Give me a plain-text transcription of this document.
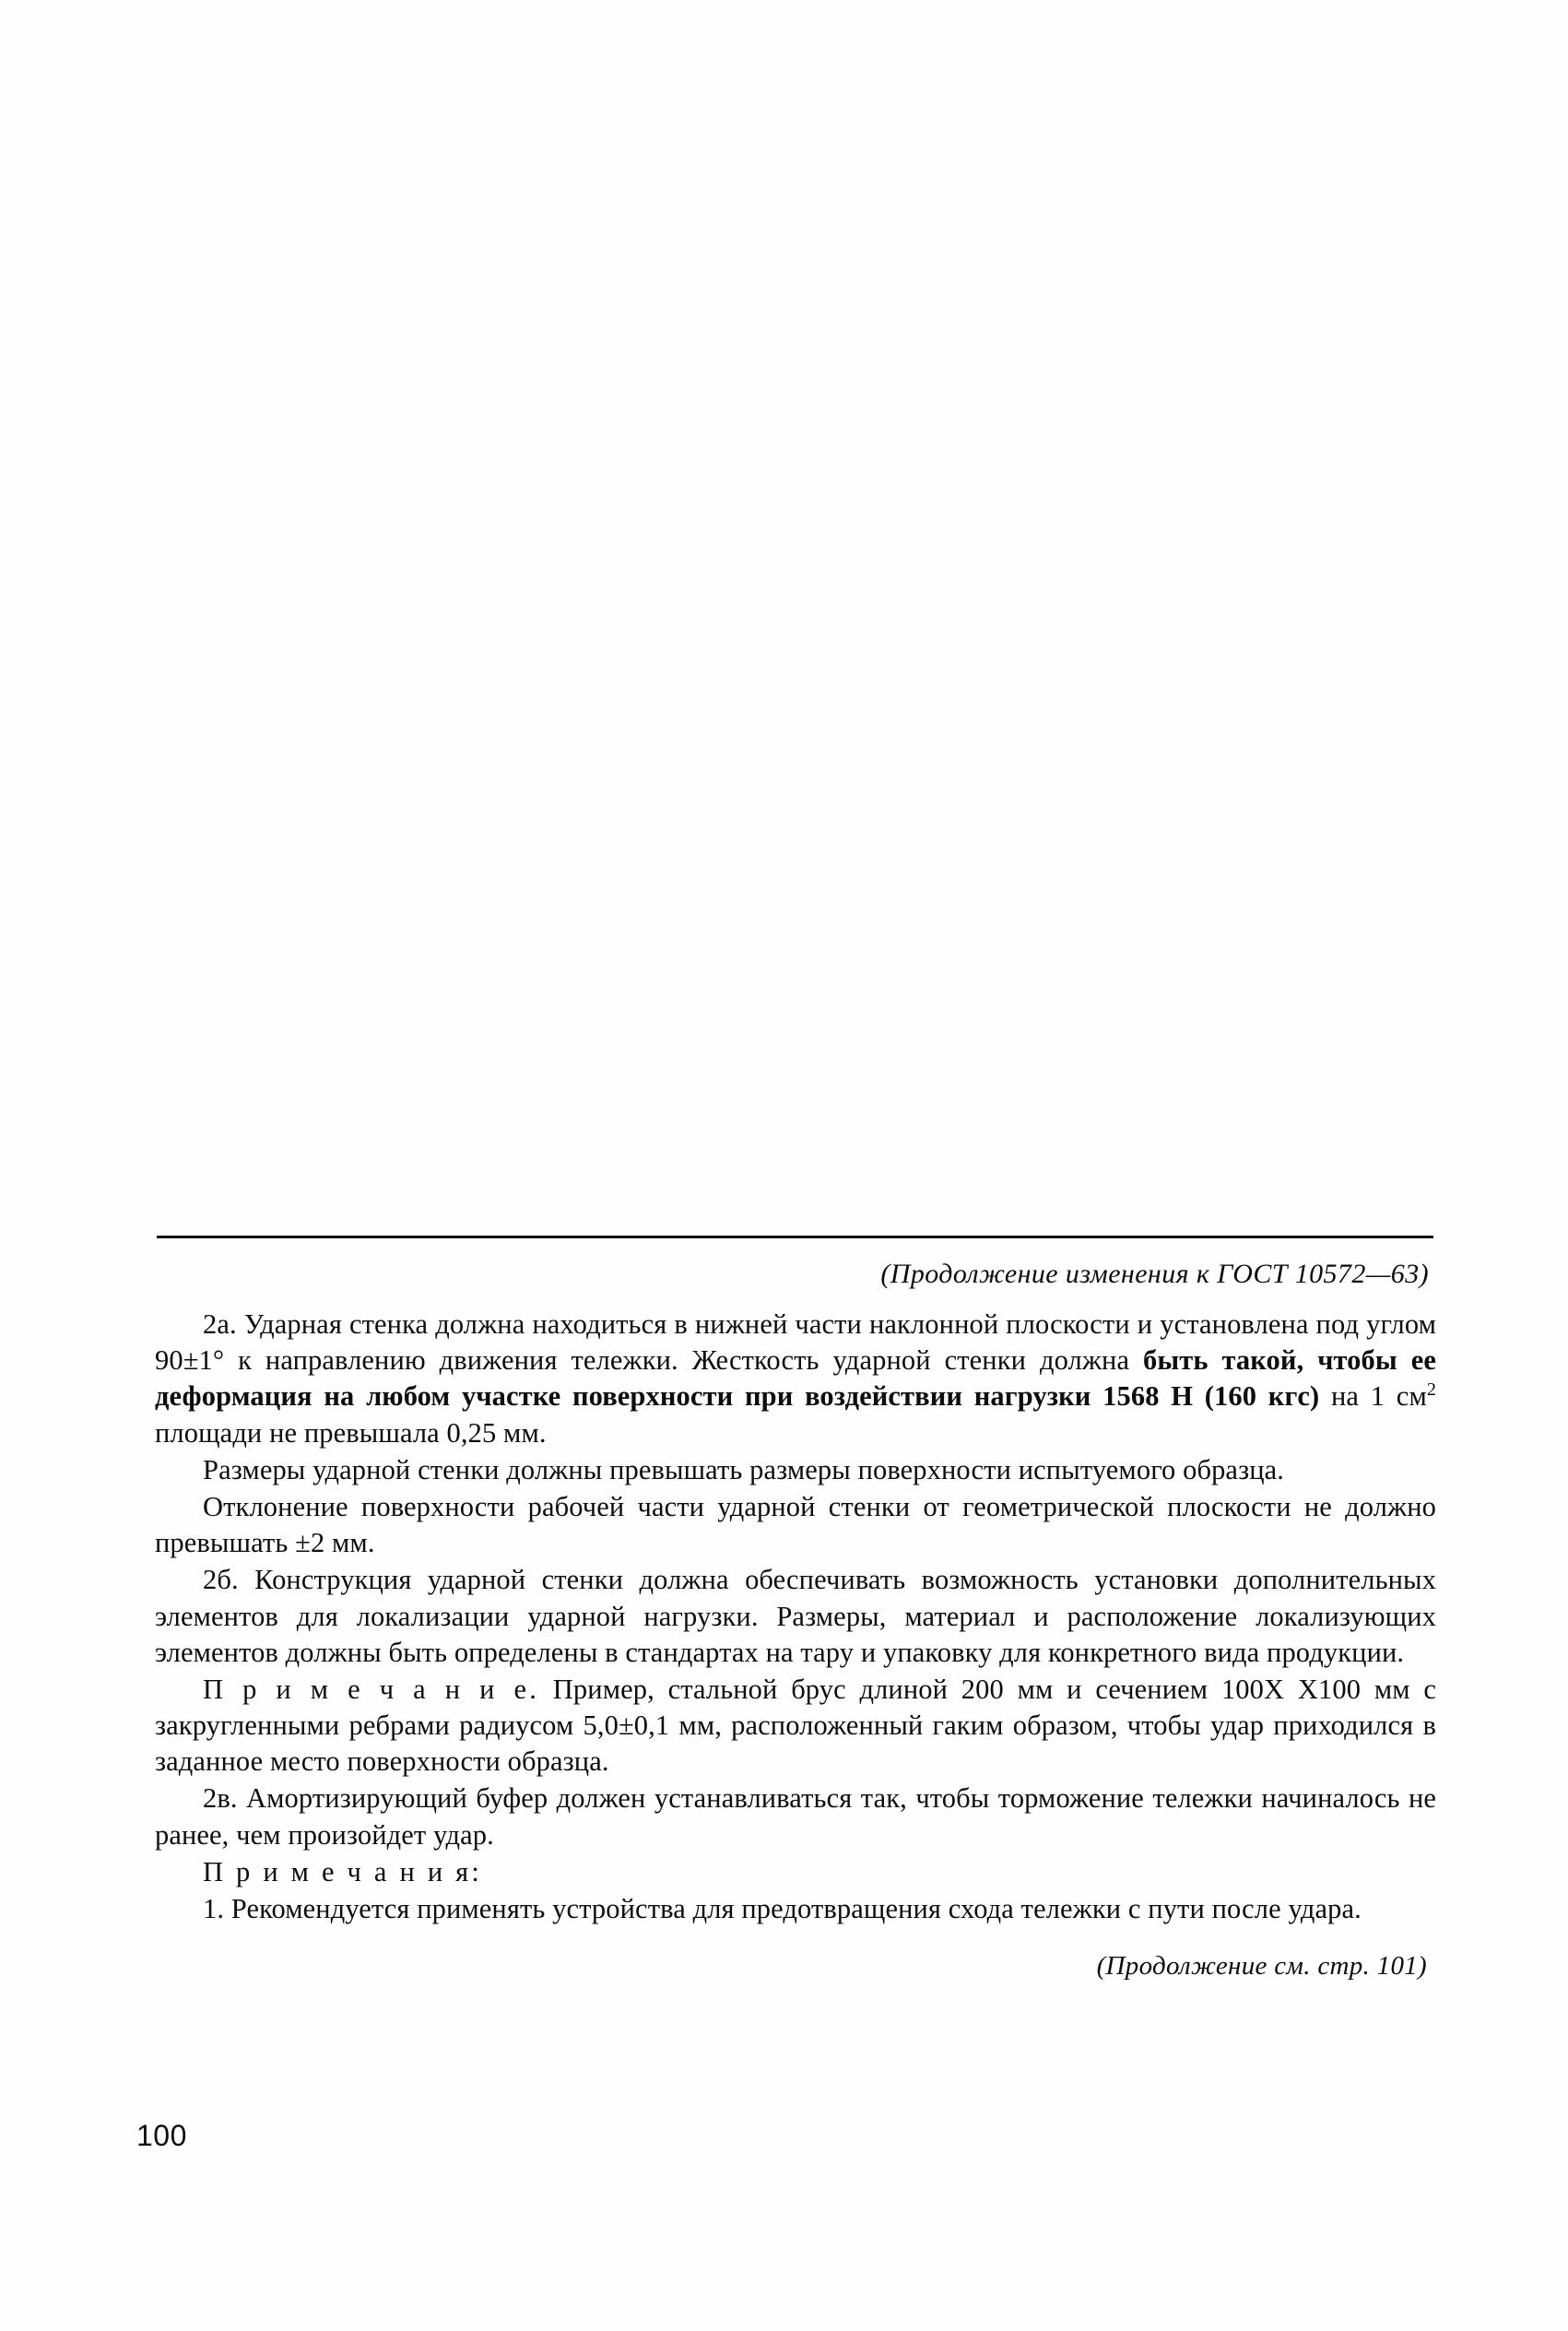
(Продолжение изменения к ГОСТ 10572—63)

2а. Ударная стенка должна находиться в нижней части наклонной плоскости и установлена под углом 90±1° к направлению движения тележки. Жесткость ударной стенки должна быть такой, чтобы ее деформация на любом участке поверхности при воздействии нагрузки 1568 Н (160 кгс) на 1 $см^2$ площади не превышала 0,25 мм.

Размеры ударной стенки должны превышать размеры поверхности испытуемого образца.

Отклонение поверхности рабочей части ударной стенки от геометрической плоскости не должно превышать ±2 мм.

2б. Конструкция ударной стенки должна обеспечивать возможность установки дополнительных элементов для локализации ударной нагрузки. Размеры, материал и расположение локализующих элементов должны быть определены в стандартах на тару и упаковку для конкретного вида продукции.

П р и м е ч а н и е. Пример, стальной брус длиной 200 мм и сечением 100Х Х100 мм с закругленными ребрами радиусом 5,0±0,1 мм, расположенный гаким образом, чтобы удар приходился в заданное место поверхности образца.

2в. Амортизирующий буфер должен устанавливаться так, чтобы торможение тележки начиналось не ранее, чем произойдет удар.

П р и м е ч а н и я:

1. Рекомендуется применять устройства для предотвращения схода тележки с пути после удара.

(Продолжение см. стр. 101)
100
